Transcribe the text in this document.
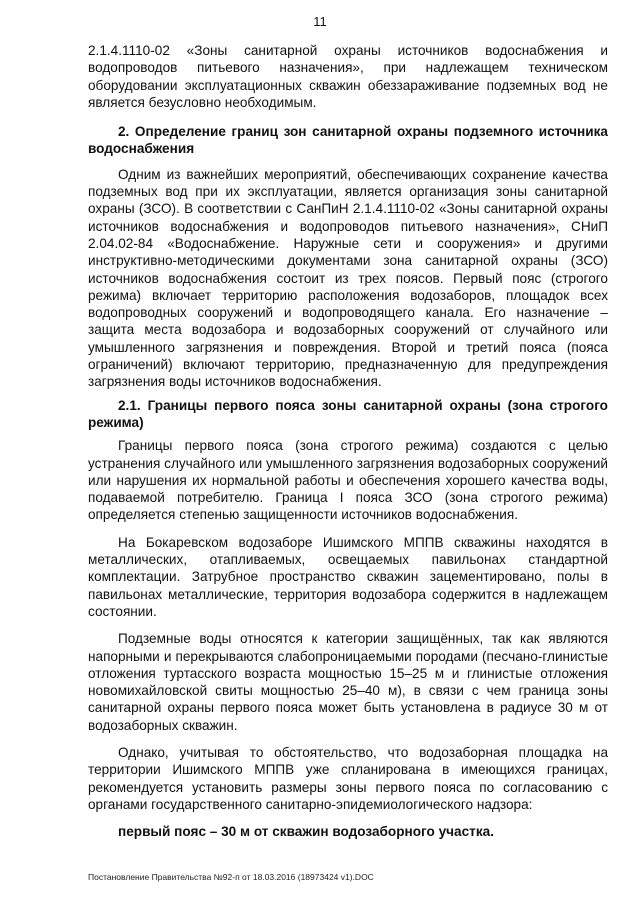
11

2.1.4.1110-02 «Зоны санитарной охраны источников водоснабжения и водопроводов питьевого назначения», при надлежащем техническом оборудовании эксплуатационных скважин обеззараживание подземных вод не является безусловно необходимым.

2. Определение границ зон санитарной охраны подземного источника водоснабжения

Одним из важнейших мероприятий, обеспечивающих сохранение качества подземных вод при их эксплуатации, является организация зоны санитарной охраны (ЗСО). В соответствии с СанПиН 2.1.4.1110-02 «Зоны санитарной охраны источников водоснабжения и водопроводов питьевого назначения», СНиП 2.04.02-84 «Водоснабжение. Наружные сети и сооружения» и другими инструктивно-методическими документами зона санитарной охраны (ЗСО) источников водоснабжения состоит из трех поясов. Первый пояс (строгого режима) включает территорию расположения водозаборов, площадок всех водопроводных сооружений и водопроводящего канала. Его назначение – защита места водозабора и водозаборных сооружений от случайного или умышленного загрязнения и повреждения. Второй и третий пояса (пояса ограничений) включают территорию, предназначенную для предупреждения загрязнения воды источников водоснабжения.

2.1. Границы первого пояса зоны санитарной охраны (зона строгого режима)

Границы первого пояса (зона строгого режима) создаются с целью устранения случайного или умышленного загрязнения водозаборных сооружений или нарушения их нормальной работы и обеспечения хорошего качества воды, подаваемой потребителю. Граница I пояса ЗСО (зона строгого режима) определяется степенью защищенности источников водоснабжения.

На Бокаревском водозаборе Ишимского МППВ скважины находятся в металлических, отапливаемых, освещаемых павильонах стандартной комплектации. Затрубное пространство скважин зацементировано, полы в павильонах металлические, территория водозабора содержится в надлежащем состоянии.

Подземные воды относятся к категории защищённых, так как являются напорными и перекрываются слабопроницаемыми породами (песчано-глинистые отложения туртасского возраста мощностью 15–25 м и глинистые отложения новомихайловской свиты мощностью 25–40 м), в связи с чем граница зоны санитарной охраны первого пояса может быть установлена в радиусе 30 м от водозаборных скважин.

Однако, учитывая то обстоятельство, что водозаборная площадка на территории Ишимского МППВ уже спланирована в имеющихся границах, рекомендуется установить размеры зоны первого пояса по согласованию с органами государственного санитарно-эпидемиологического надзора:

первый пояс – 30 м от скважин водозаборного участка.

Постановление Правительства №92-п от 18.03.2016 (18973424 v1).DOC
